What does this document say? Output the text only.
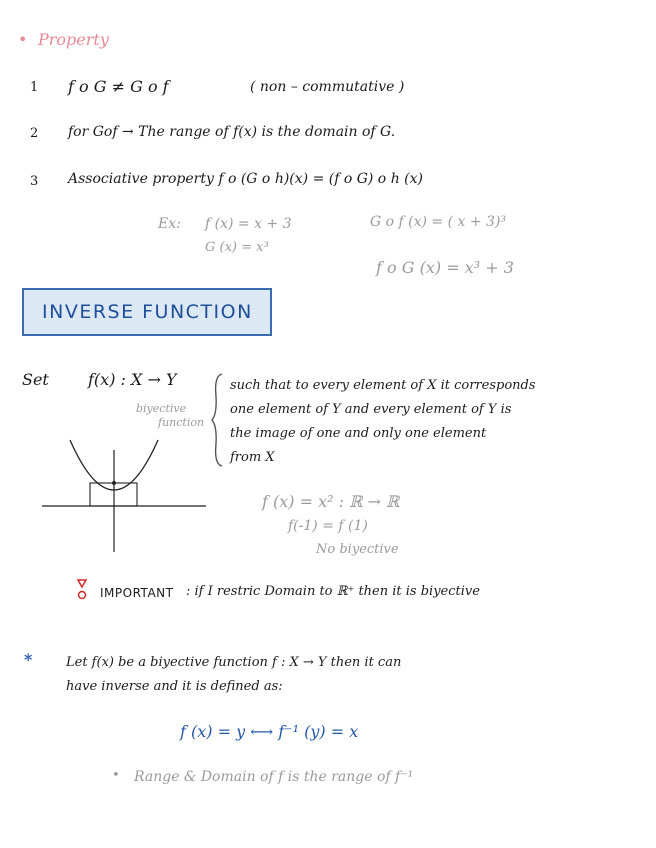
• Property
1 f o G ≠ G o f	( non – commutative )
2 for Gof → The range of f(x) is the domain of G.
3 Associative property f o (G o h)(x) = (f o G) o h (x)
Ex: f (x) = x + 3
G (x) = x³
G o f (x) = ( x + 3)³
f o G (x) = x³ + 3
INVERSE FUNCTION
Set f(x) : X → Y
biyective
function
such that to every element of X it corresponds
one element of Y and every element of Y is
the image of one and only one element
from X
f (x) = x² : ℝ → ℝ
f(-1) = f (1)
No biyective
IMPORTANT : if I restric Domain to ℝ⁺ then it is biyective
*	Let f(x) be a biyective function f : X → Y then it can
have inverse and it is defined as:
f (x) = y ⟷ f⁻¹ (y) = x
• Range & Domain of f is the range of f⁻¹
